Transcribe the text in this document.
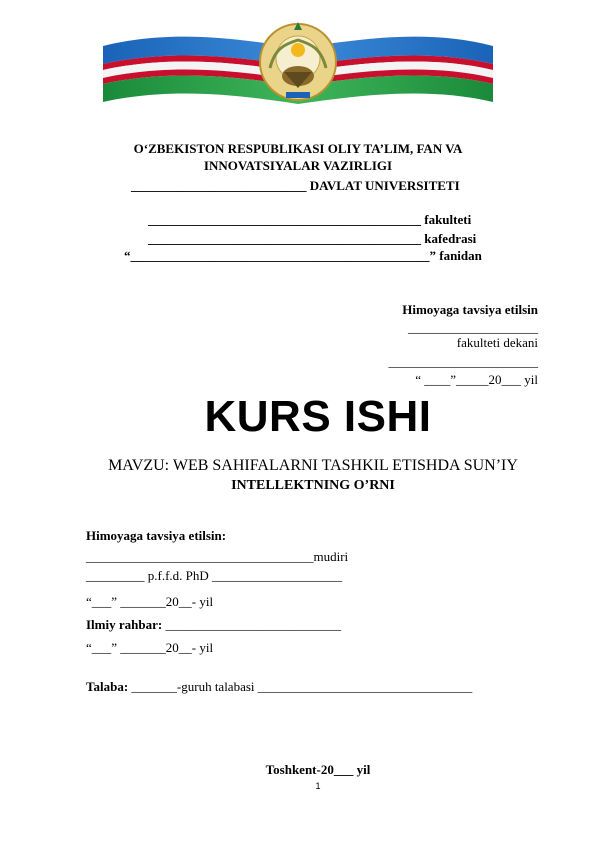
O‘ZBEKISTON RESPUBLIKASI OLIY TA’LIM, FAN VA
INNOVATSIYALAR VAZIRLIGI
___________________________ DAVLAT UNIVERSITETI
__________________________________________ fakulteti
__________________________________________ kafedrasi
“______________________________________________” fanidan
Himoyaga tavsiya etilsin
____________________
fakulteti dekani
_______________________
“ ____”_____20___ yil
KURS ISHI
MAVZU: WEB SAHIFALARNI TASHKIL ETISHDA SUN’IY
INTELLEKTNING O’RNI
Himoyaga tavsiya etilsin:
___________________________________mudiri
_________ p.f.f.d. PhD ____________________
“___” _______20__- yil
Ilmiy rahbar: ___________________________
“___” _______20__- yil
Talaba: _______-guruh talabasi _________________________________
Toshkent-20___ yil
1
